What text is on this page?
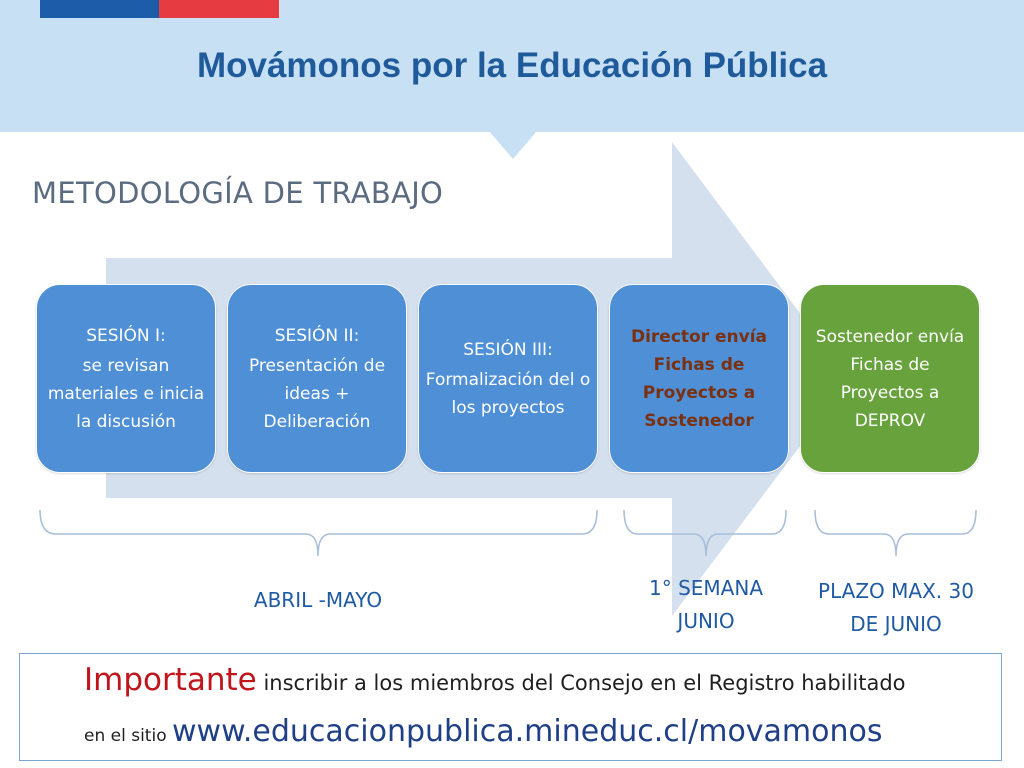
Movámonos por la Educación Pública
METODOLOGÍA DE TRABAJO
SESIÓN I:
se revisan materiales e inicia la discusión
SESIÓN II:
Presentación de ideas + Deliberación
SESIÓN III:
Formalización del o los proyectos
Director envía Fichas de Proyectos a Sostenedor
Sostenedor envía Fichas de Proyectos a DEPROV
ABRIL -MAYO	1° SEMANA
JUNIO
PLAZO MAX. 30
DE JUNIO

Importante inscribir a los miembros del Consejo en el Registro habilitado

en el sitio www.educacionpublica.mineduc.cl/movamonos
